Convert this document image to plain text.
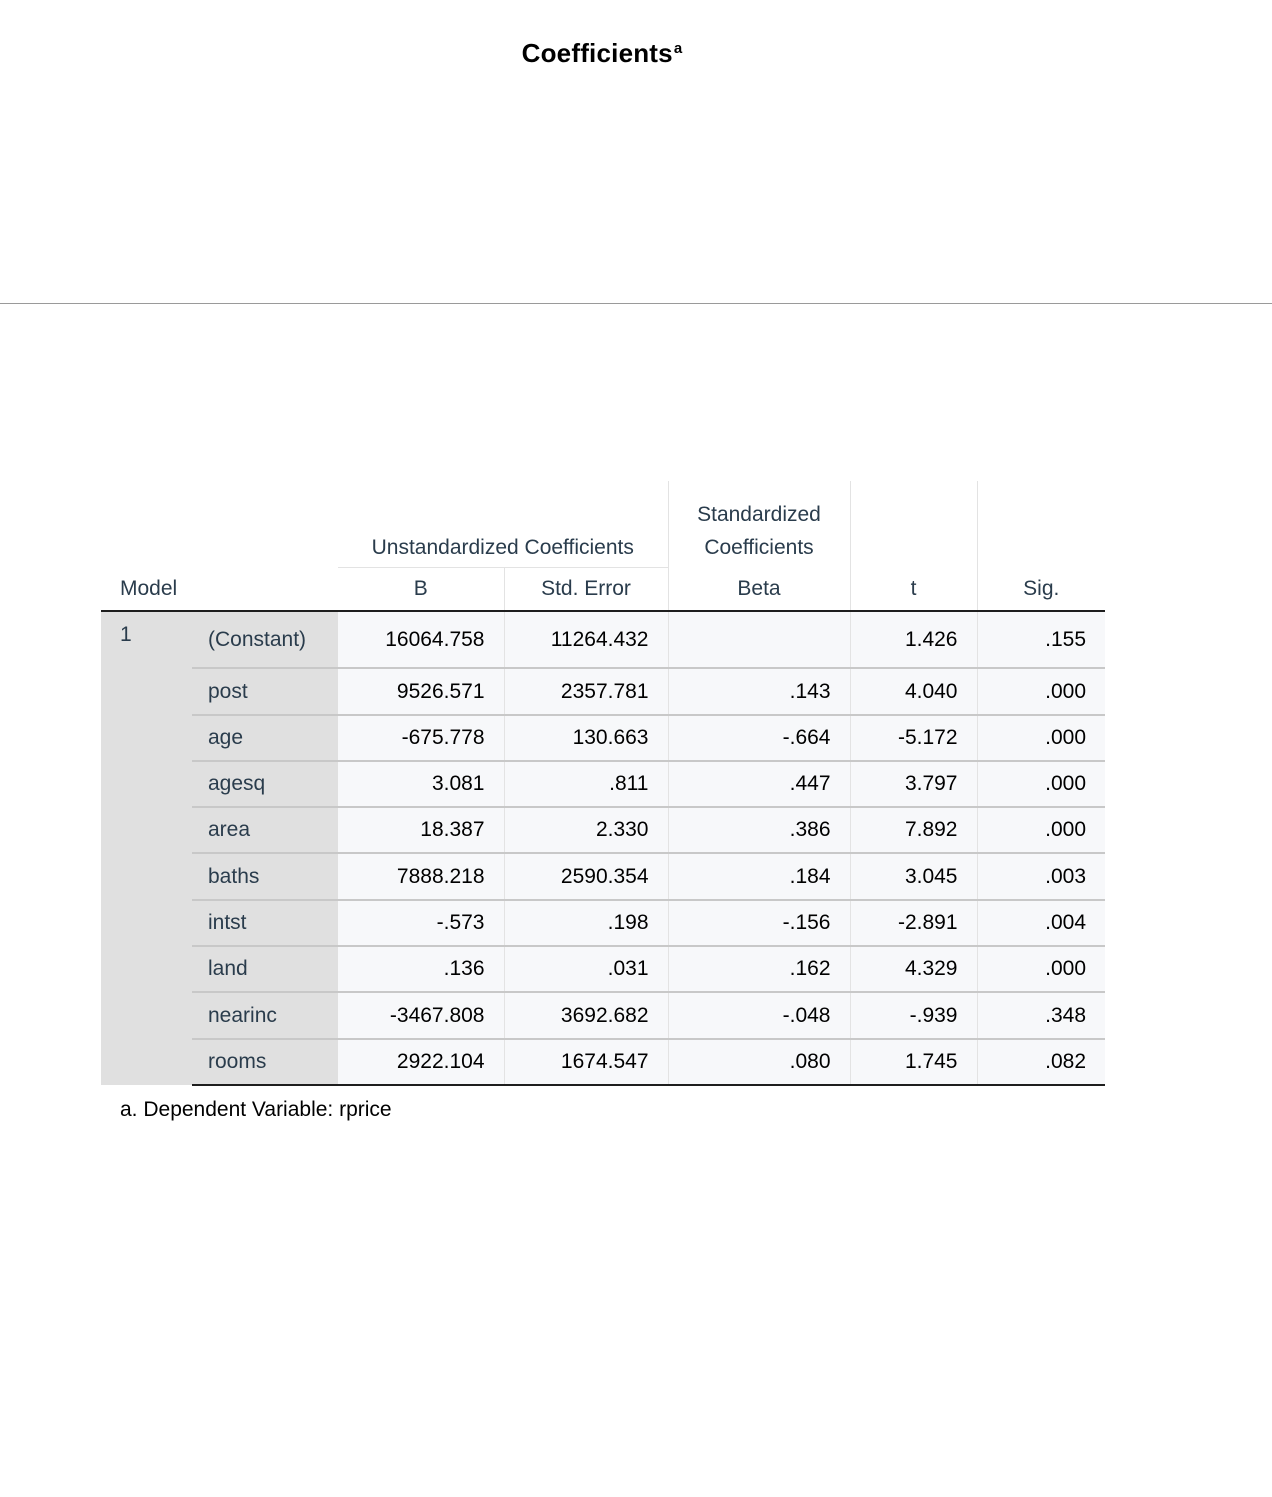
Coefficients$^a$
				Standardized		
		Unstandardized Coefficients		Coefficients		
Model		B	Std. Error	Beta	t	Sig.
1	(Constant)	16064.758	11264.432		1.426	.155
	post	9526.571	2357.781	.143	4.040	.000
	age	-675.778	130.663	-.664	-5.172	.000
	agesq	3.081	.811	.447	3.797	.000
	area	18.387	2.330	.386	7.892	.000
	baths	7888.218	2590.354	.184	3.045	.003
	intst	-.573	.198	-.156	-2.891	.004
	land	.136	.031	.162	4.329	.000
	nearinc	-3467.808	3692.682	-.048	-.939	.348
	rooms	2922.104	1674.547	.080	1.745	.082
a. Dependent Variable: rprice
